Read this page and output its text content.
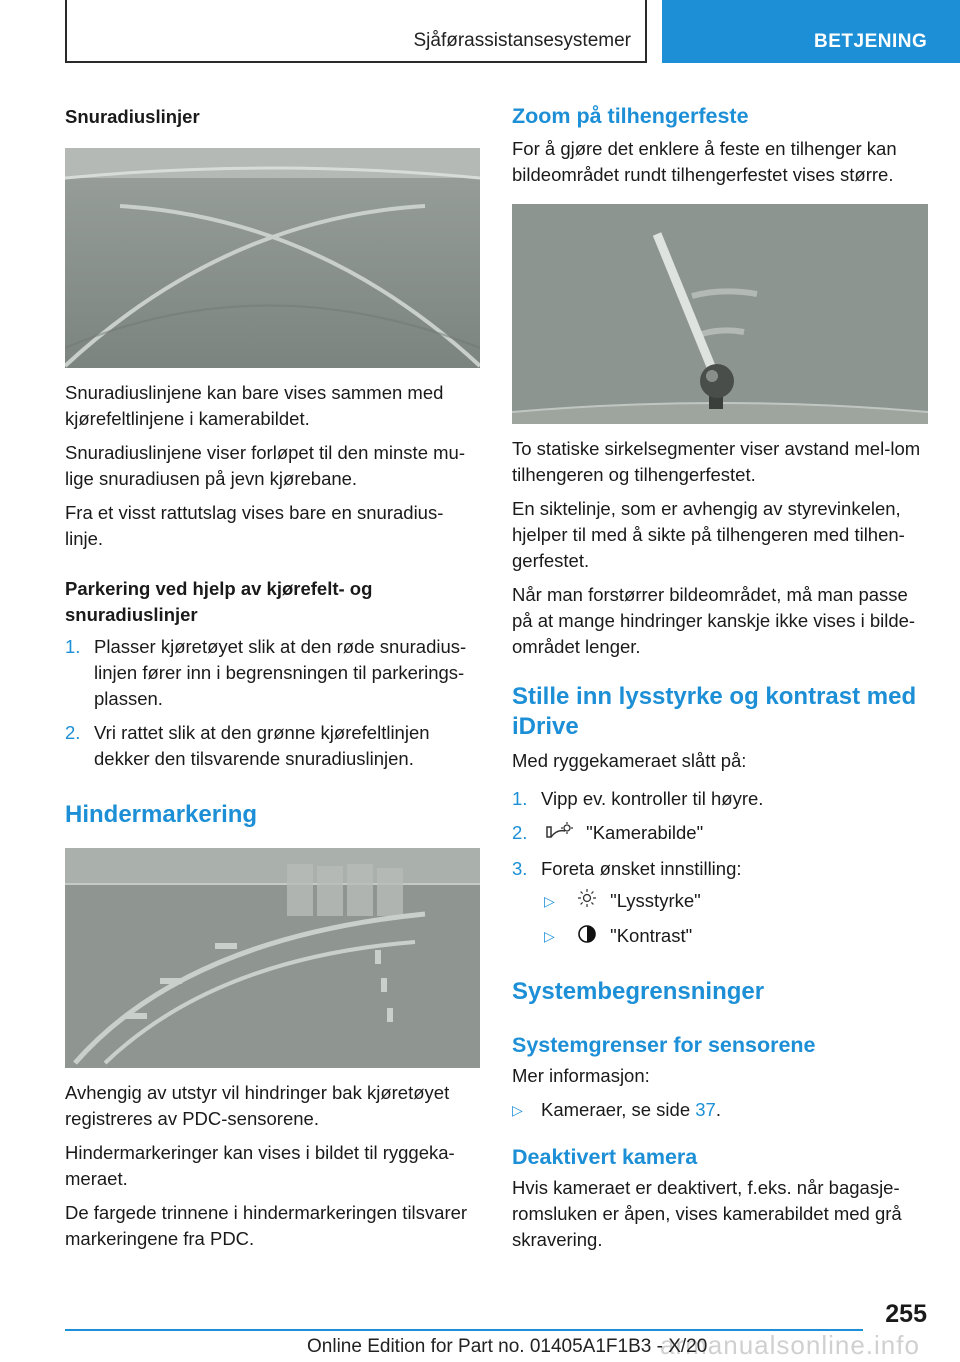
Sjåførassistansesystemer	BETJENING
Snuradiuslinjer

Snuradiuslinjene kan bare vises sammen med kjørefeltlinjene i kamerabildet.

Snuradiuslinjene viser forløpet til den minste mu-lige snuradiusen på jevn kjørebane.

Fra et visst rattutslag vises bare en snuradius-linje.

Parkering ved hjelp av kjørefelt- og snuradiuslinjer
1. Plasser kjøretøyet slik at den røde snuradius-linjen fører inn i begrensningen til parkerings-plassen.
2. Vri rattet slik at den grønne kjørefeltlinjen dekker den tilsvarende snuradiuslinjen.
Hindermarkering

Avhengig av utstyr vil hindringer bak kjøretøyet registreres av PDC-sensorene.

Hindermarkeringer kan vises i bildet til ryggeka-meraet.

De fargede trinnene i hindermarkeringen tilsvarer markeringene fra PDC.

Zoom på tilhengerfeste

For å gjøre det enklere å feste en tilhenger kan bildeområdet rundt tilhengerfestet vises større.

To statiske sirkelsegmenter viser avstand mel-lom tilhengeren og tilhengerfestet.

En siktelinje, som er avhengig av styrevinkelen, hjelper til med å sikte på tilhengeren med tilhen-gerfestet.

Når man forstørrer bildeområdet, må man passe på at mange hindringer kanskje ikke vises i bilde-området lenger.

Stille inn lysstyrke og kontrast med iDrive

Med ryggekameraet slått på:

1. Vipp ev. kontroller til høyre.
2.	"Kamerabilde"
3. Foreta ønsket innstilling:
▷	"Lysstyrke"
▷	"Kontrast"
Systembegrensninger
Systemgrenser for sensorene

Mer informasjon:

▷ Kameraer, se side 37.
Deaktivert kamera

Hvis kameraet er deaktivert, f.eks. når bagasje-romsluken er åpen, vises kamerabildet med grå skravering.

255
armanualsonline.info
Online Edition for Part no. 01405A1F1B3 - X/20
